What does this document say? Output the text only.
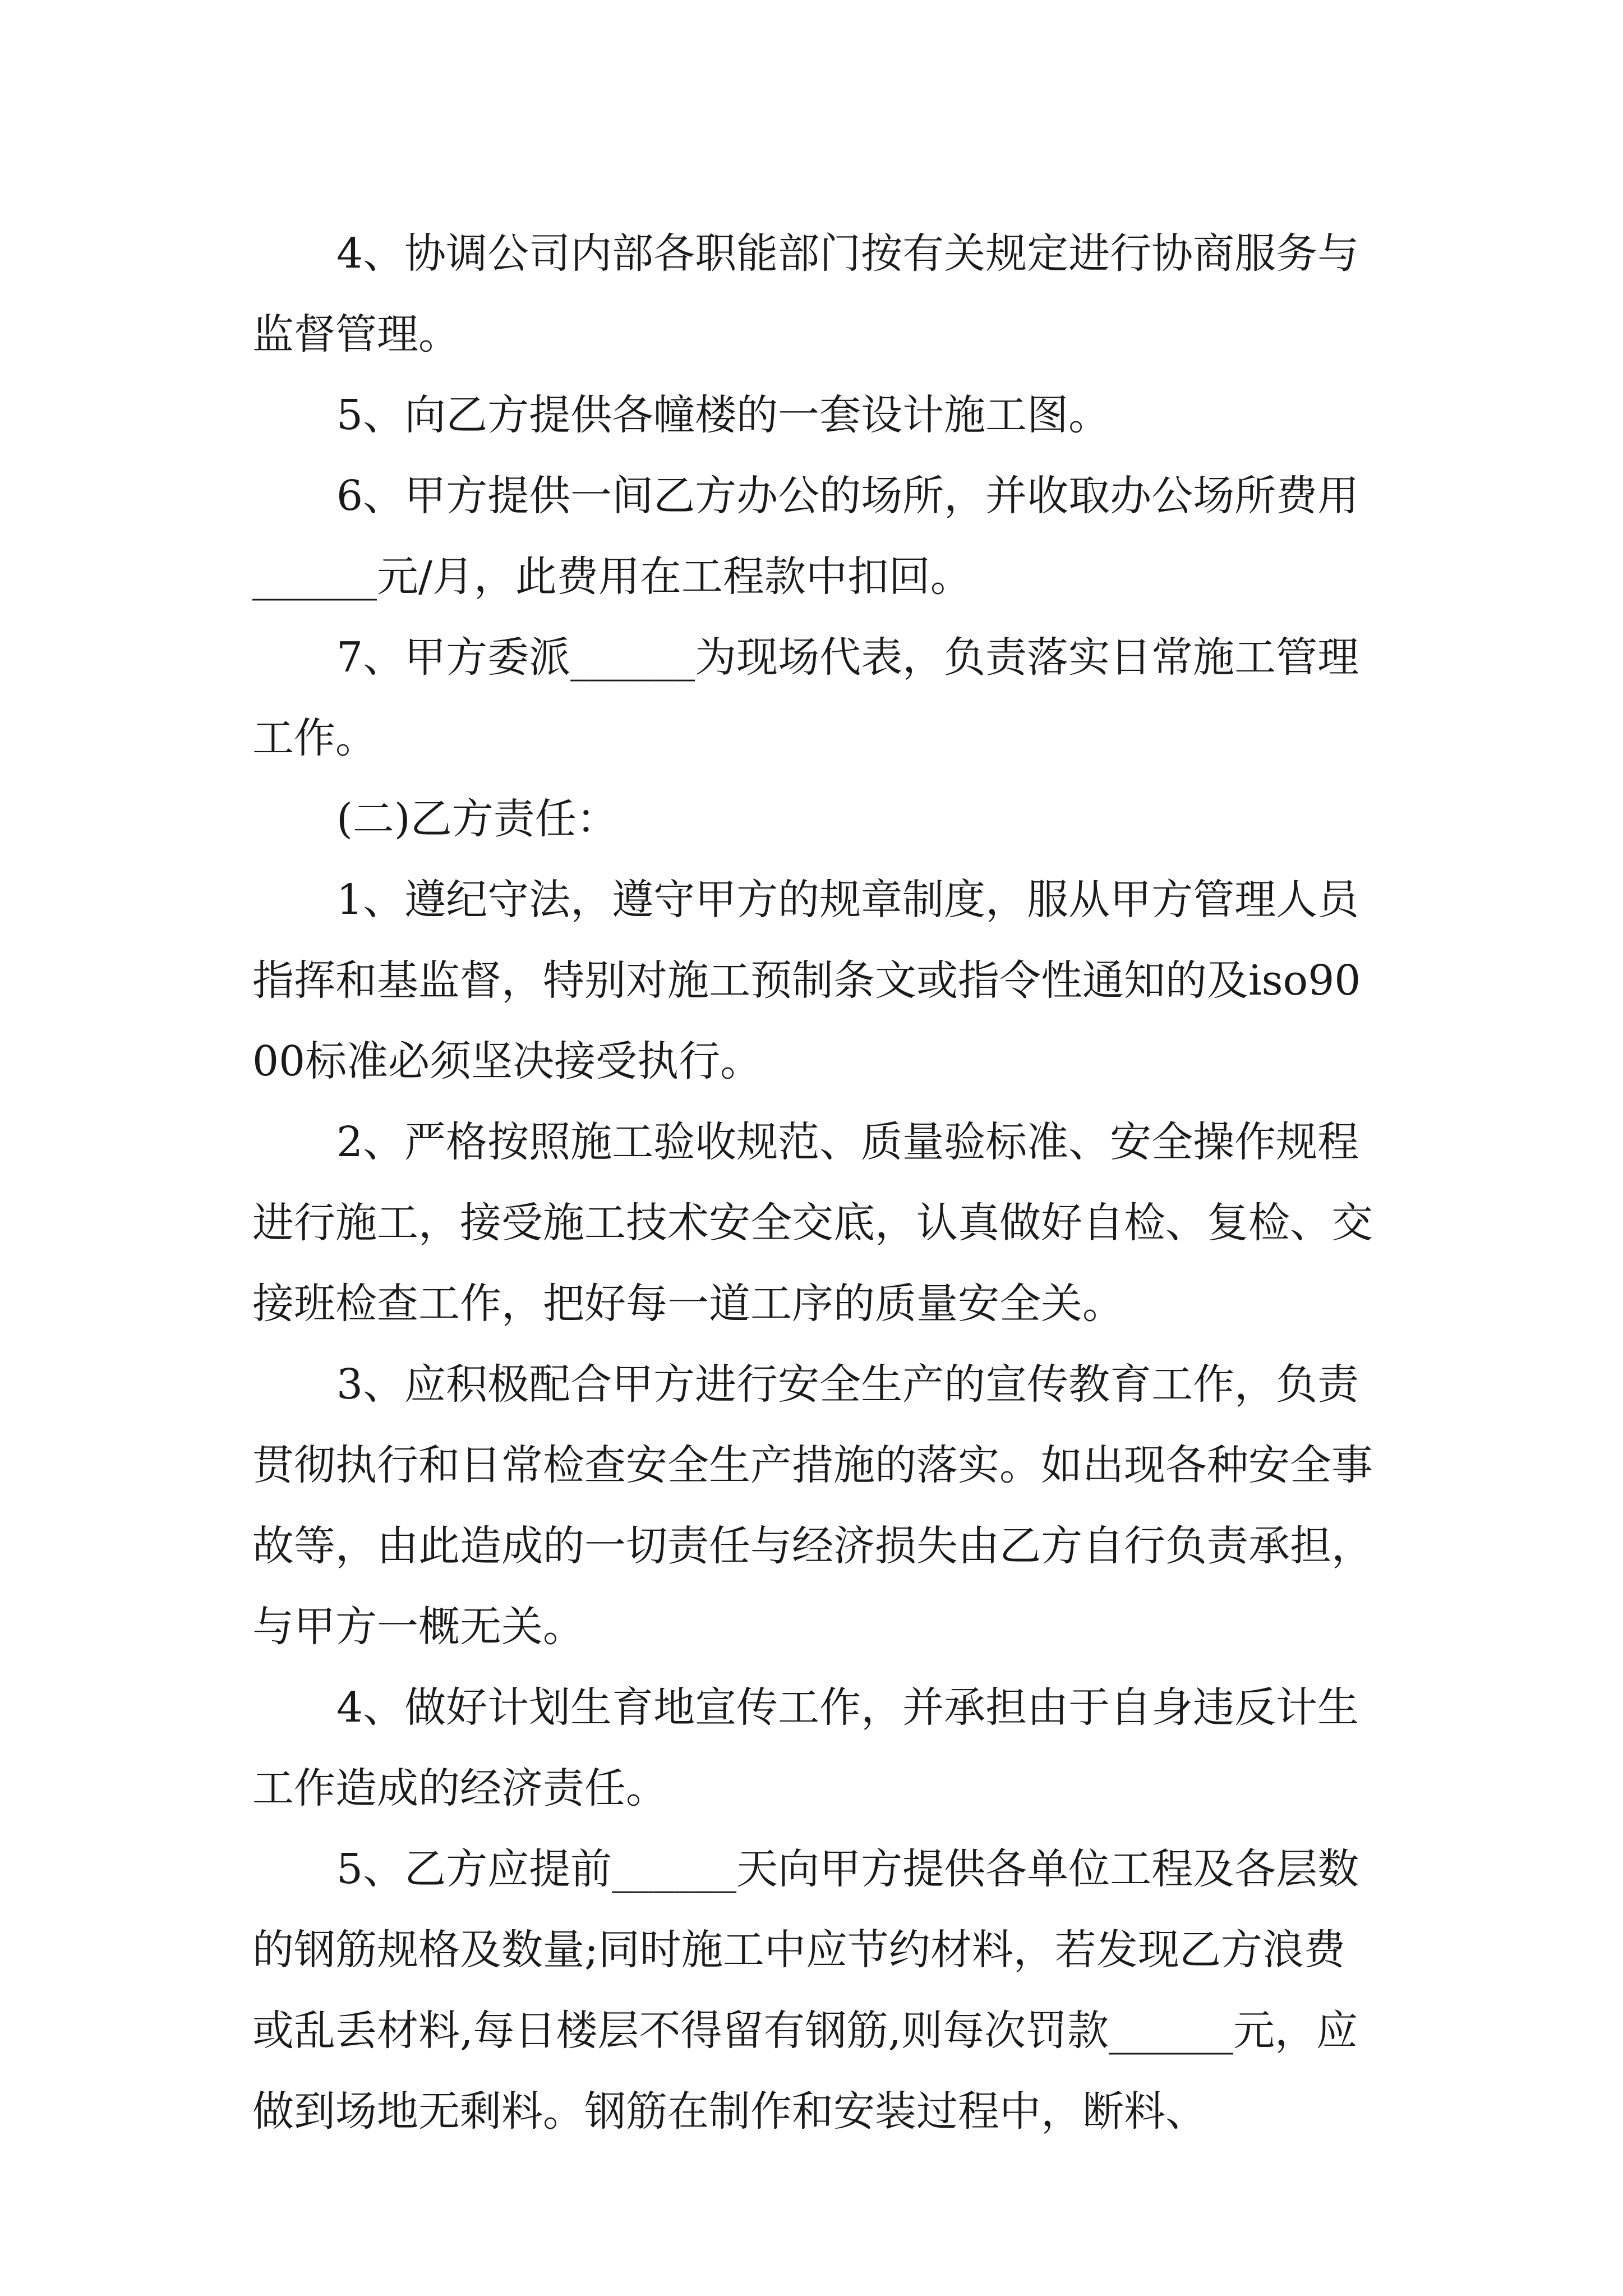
4、协调公司内部各职能部门按有关规定进行协商服务与监督管理。

5、向乙方提供各幢楼的一套设计施工图。

6、甲方提供一间乙方办公的场所，并收取办公场所费用______元/月，此费用在工程款中扣回。

7、甲方委派______为现场代表，负责落实日常施工管理工作。

(二)乙方责任：

1、遵纪守法，遵守甲方的规章制度，服从甲方管理人员指挥和基监督，特别对施工预制条文或指令性通知的及iso9000标准必须坚决接受执行。

2、严格按照施工验收规范、质量验标准、安全操作规程进行施工，接受施工技术安全交底，认真做好自检、复检、交接班检查工作，把好每一道工序的质量安全关。

3、应积极配合甲方进行安全生产的宣传教育工作，负责贯彻执行和日常检查安全生产措施的落实。如出现各种安全事故等，由此造成的一切责任与经济损失由乙方自行负责承担，与甲方一概无关。

4、做好计划生育地宣传工作，并承担由于自身违反计生工作造成的经济责任。

5、乙方应提前______天向甲方提供各单位工程及各层数的钢筋规格及数量;同时施工中应节约材料，若发现乙方浪费或乱丢材料,每日楼层不得留有钢筋,则每次罚款______元，应做到场地无剩料。钢筋在制作和安装过程中，断料、
